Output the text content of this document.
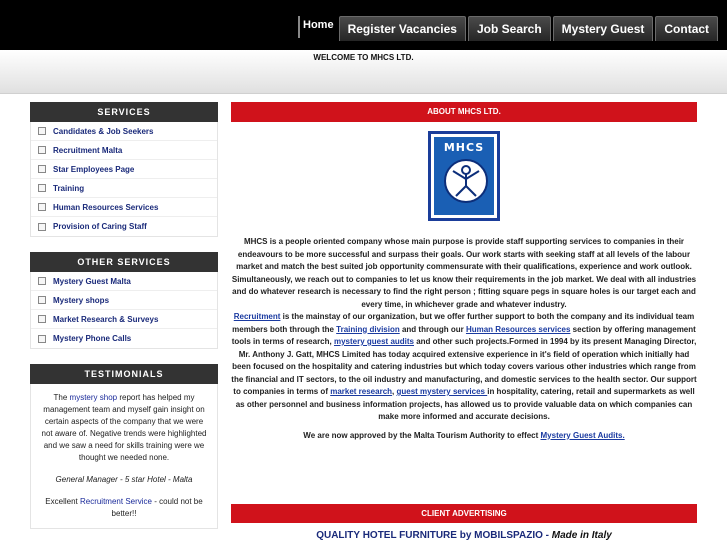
Home	Register Vacancies	Job Search	Mystery Guest	Contact
WELCOME TO MHCS LTD.
SERVICES
Candidates & Job Seekers
Recruitment Malta
Star Employees Page
Training
Human Resources Services
Provision of Caring Staff
OTHER SERVICES
Mystery Guest Malta
Mystery shops
Market Research & Surveys
Mystery Phone Calls
TESTIMONIALS

The mystery shop report has helped my management team and myself gain insight on certain aspects of the company that we were not aware of. Negative trends were highlighted and we saw a need for skills training were we thought we needed none.

General Manager - 5 star Hotel - Malta

Excellent Recruitment Service - could not be better!!

ABOUT MHCS LTD.
MHCS

MHCS is a people oriented company whose main purpose is provide staff supporting services to companies in their endeavours to be more successful and surpass their goals. Our work starts with seeking staff at all levels of the labour market and match the best suited job opportunity commensurate with their qualifications, experience and work outlook. Simultaneously, we reach out to companies to let us know their requirements in the job market. We deal with all industries and do whatever research is necessary to find the right person ; fitting square pegs in square holes is our target each and every time, in whichever grade and whatever industry.

Recruitment is the mainstay of our organization, but we offer further support to both the company and its individual team members both through the Training division and through our Human Resources services section by offering management tools in terms of research, mystery guest audits and other such projects.Formed in 1994 by its present Managing Director, Mr. Anthony J. Gatt, MHCS Limited has today acquired extensive experience in it's field of operation which initially had been focused on the hospitality and catering industries but which today covers various other industries which range from the financial and IT sectors, to the oil industry and manufacturing, and domestic services to the health sector. Our support to companies in terms of market research, guest mystery services in hospitality, catering, retail and supermarkets as well as other personnel and business information projects, has allowed us to provide valuable data on which companies can make more informed and accurate decisions.

We are now approved by the Malta Tourism Authority to effect Mystery Guest Audits.
CLIENT ADVERTISING
QUALITY HOTEL FURNITURE by MOBILSPAZIO - Made in Italy
